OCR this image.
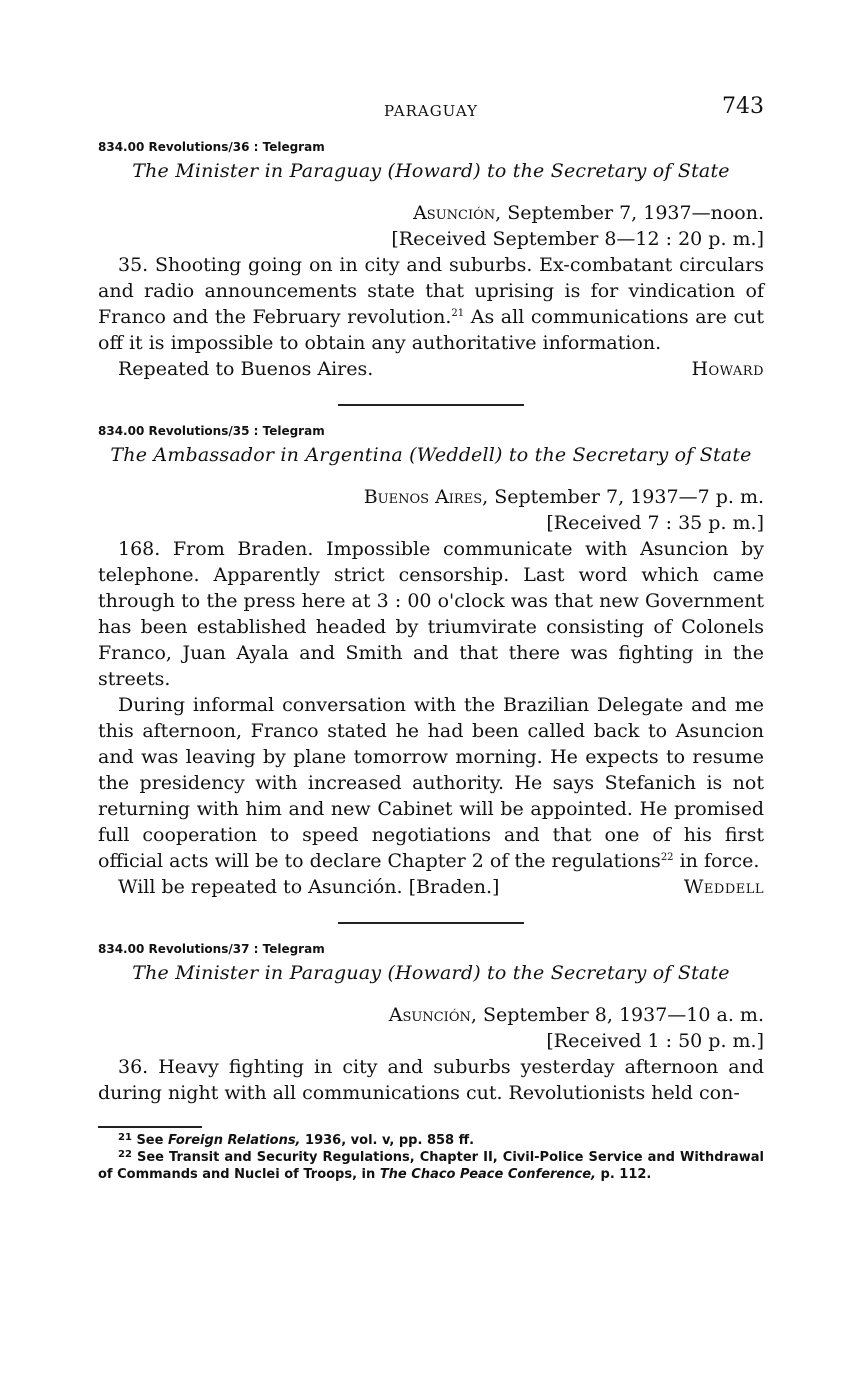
PARAGUAY	743
834.00 Revolutions/36 : Telegram
The Minister in Paraguay (Howard) to the Secretary of State
Asunción, September 7, 1937—noon.
[Received September 8—12 : 20 p. m.]

35. Shooting going on in city and suburbs. Ex-combatant circulars and radio announcements state that uprising is for vindication of Franco and the February revolution.$^{21}$ As all communications are cut off it is impossible to obtain any authoritative information.

Repeated to Buenos Aires.	Howard
834.00 Revolutions/35 : Telegram
The Ambassador in Argentina (Weddell) to the Secretary of State
Buenos Aires, September 7, 1937—7 p. m.
[Received 7 : 35 p. m.]

168. From Braden. Impossible communicate with Asuncion by telephone. Apparently strict censorship. Last word which came through to the press here at 3 : 00 o'clock was that new Government has been established headed by triumvirate consisting of Colonels Franco, Juan Ayala and Smith and that there was fighting in the streets.

During informal conversation with the Brazilian Delegate and me this afternoon, Franco stated he had been called back to Asuncion and was leaving by plane tomorrow morning. He expects to resume the presidency with increased authority. He says Stefanich is not returning with him and new Cabinet will be appointed. He promised full cooperation to speed negotiations and that one of his first official acts will be to declare Chapter 2 of the regulations$^{22}$ in force.

Will be repeated to Asunción. [Braden.]	Weddell
834.00 Revolutions/37 : Telegram
The Minister in Paraguay (Howard) to the Secretary of State
Asunción, September 8, 1937—10 a. m.
[Received 1 : 50 p. m.]

36. Heavy fighting in city and suburbs yesterday afternoon and during night with all communications cut. Revolutionists held con-

$^{21}$ See Foreign Relations, 1936, vol. v, pp. 858 ff.

$^{22}$ See Transit and Security Regulations, Chapter II, Civil-Police Service and Withdrawal of Commands and Nuclei of Troops, in The Chaco Peace Conference, p. 112.
